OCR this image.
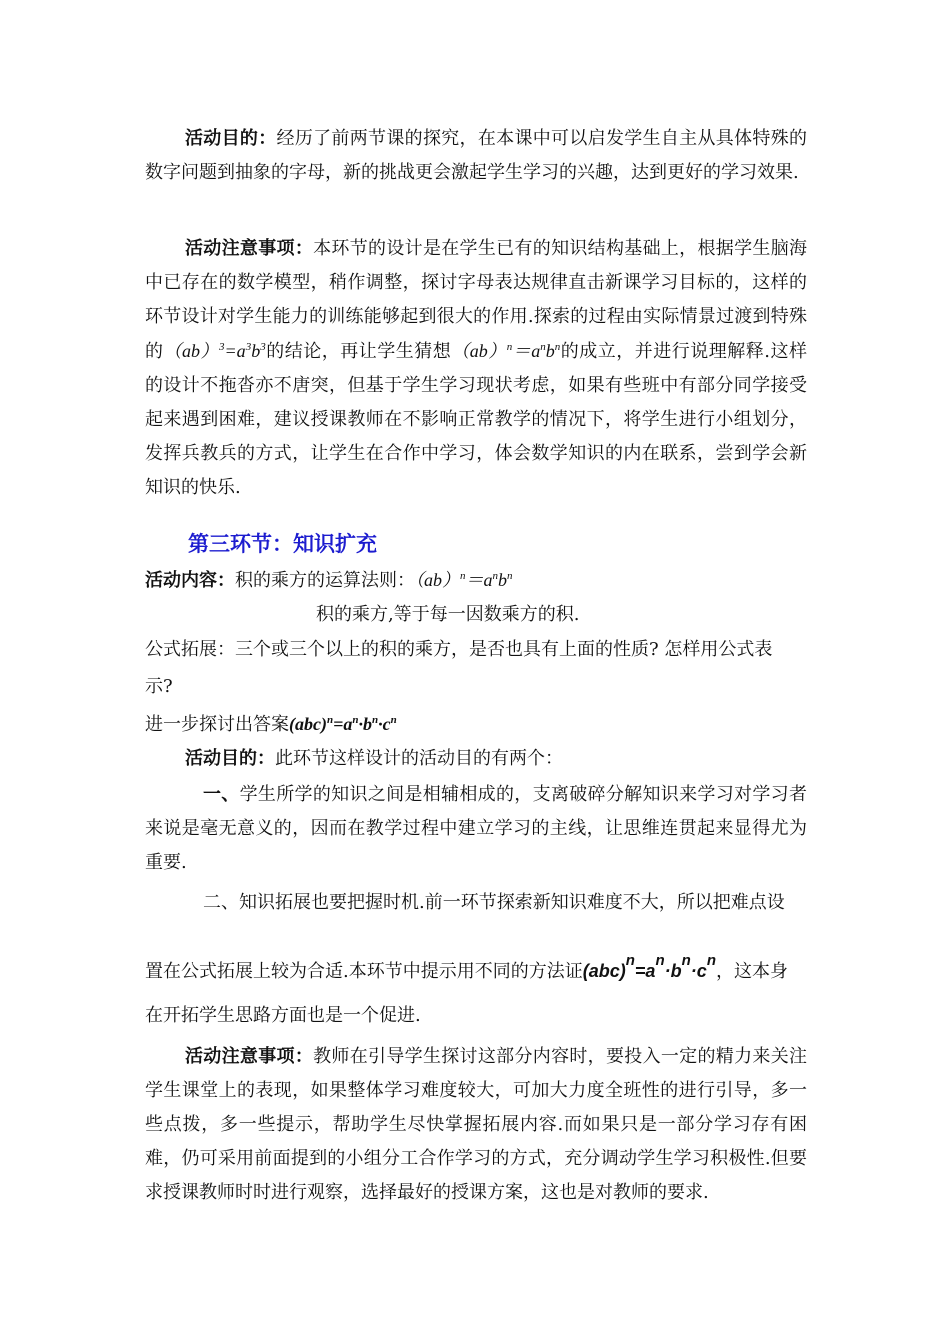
活动目的：经历了前两节课的探究，在本课中可以启发学生自主从具体特殊的数字问题到抽象的字母，新的挑战更会激起学生学习的兴趣，达到更好的学习效果.

活动注意事项：本环节的设计是在学生已有的知识结构基础上，根据学生脑海中已存在的数学模型，稍作调整，探讨字母表达规律直击新课学习目标的，这样的环节设计对学生能力的训练能够起到很大的作用.探索的过程由实际情景过渡到特殊的$(ab)^3=a^3b^3$的结论，再让学生猜想$(ab)^n=a^nb^n$的成立，并进行说理解释.这样的设计不拖沓亦不唐突，但基于学生学习现状考虑，如果有些班中有部分同学接受起来遇到困难，建议授课教师在不影响正常教学的情况下，将学生进行小组划分，发挥兵教兵的方式，让学生在合作中学习，体会数学知识的内在联系，尝到学会新知识的快乐.

第三环节：知识扩充
活动内容：积的乘方的运算法则：$(ab)^n=a^nb^n$
积的乘方,等于每一因数乘方的积.
公式拓展：三个或三个以上的积的乘方，是否也具有上面的性质? 怎样用公式表
示?
进一步探讨出答案$(abc)^n=a^n\cdot b^n\cdot c^n$
活动目的：此环节这样设计的活动目的有两个：

一、学生所学的知识之间是相辅相成的，支离破碎分解知识来学习对学习者来说是毫无意义的，因而在教学过程中建立学习的主线，让思维连贯起来显得尤为重要.

二、知识拓展也要把握时机.前一环节探索新知识难度不大，所以把难点设
置在公式拓展上较为合适.本环节中提示用不同的方法证$(abc)^n=a^n\cdot b^n\cdot c^n$，这本身
在开拓学生思路方面也是一个促进.

活动注意事项：教师在引导学生探讨这部分内容时，要投入一定的精力来关注学生课堂上的表现，如果整体学习难度较大，可加大力度全班性的进行引导，多一些点拨，多一些提示，帮助学生尽快掌握拓展内容.而如果只是一部分学习存有困难，仍可采用前面提到的小组分工合作学习的方式，充分调动学生学习积极性.但要求授课教师时时进行观察，选择最好的授课方案，这也是对教师的要求.
